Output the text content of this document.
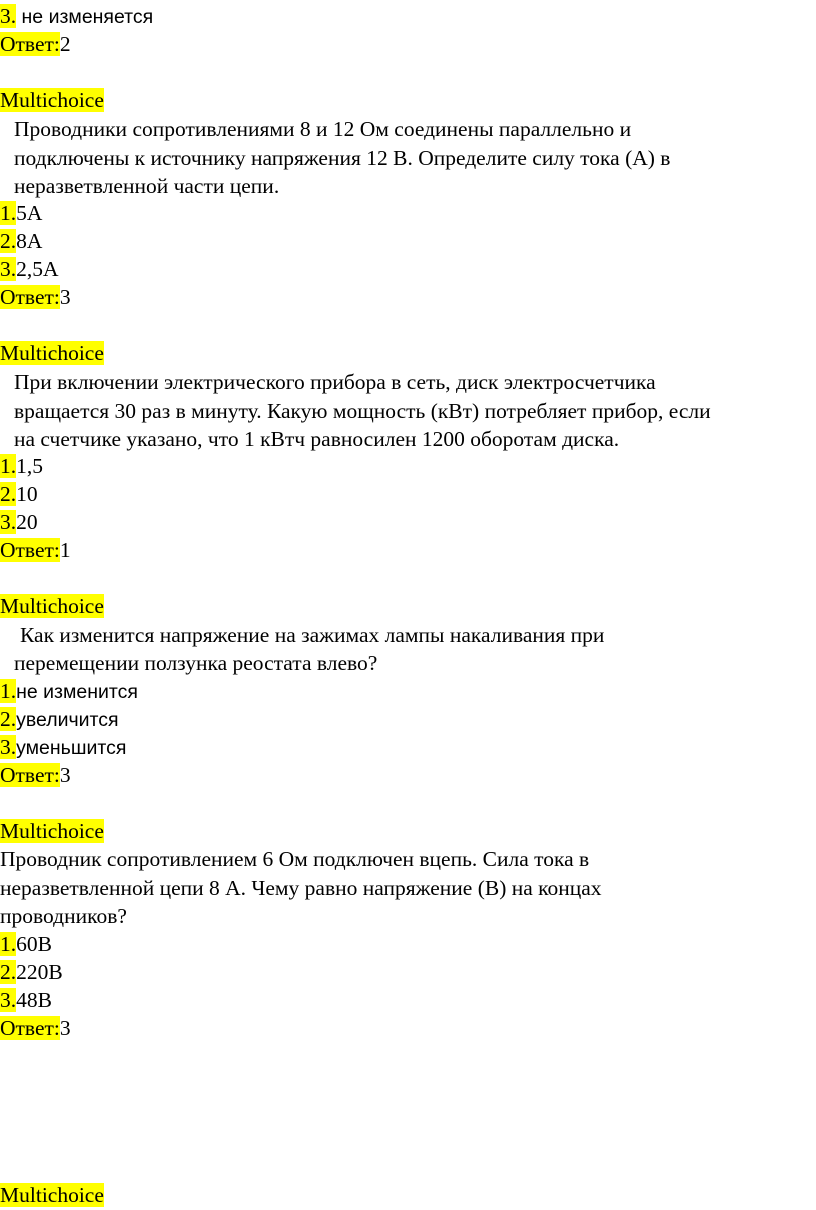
3. не изменяется
Ответ:2
Multichoice
Проводники сопротивлениями 8 и 12 Ом соединены параллельно и
подключены к источнику напряжения 12 В. Определите силу тока (А) в
неразветвленной части цепи.
1.5А
2.8А
3.2,5А
Ответ:3
Multichoice
При включении электрического прибора в сеть, диск электросчетчика
вращается 30 раз в минуту. Какую мощность (кВт) потребляет прибор, если
на счетчике указано, что 1 кВтч равносилен 1200 оборотам диска.
1.1,5
2.10
3.20
Ответ:1
Multichoice
Как изменится напряжение на зажимах лампы накаливания при
перемещении ползунка реостата влево?
1.не изменится
2.увеличится
3.уменьшится
Ответ:3
Multichoice
Проводник сопротивлением 6 Ом подключен вцепь. Сила тока в
неразветвленной цепи 8 А. Чему равно напряжение (В) на концах
проводников?
1.60В
2.220В
3.48В
Ответ:3
Multichoice
